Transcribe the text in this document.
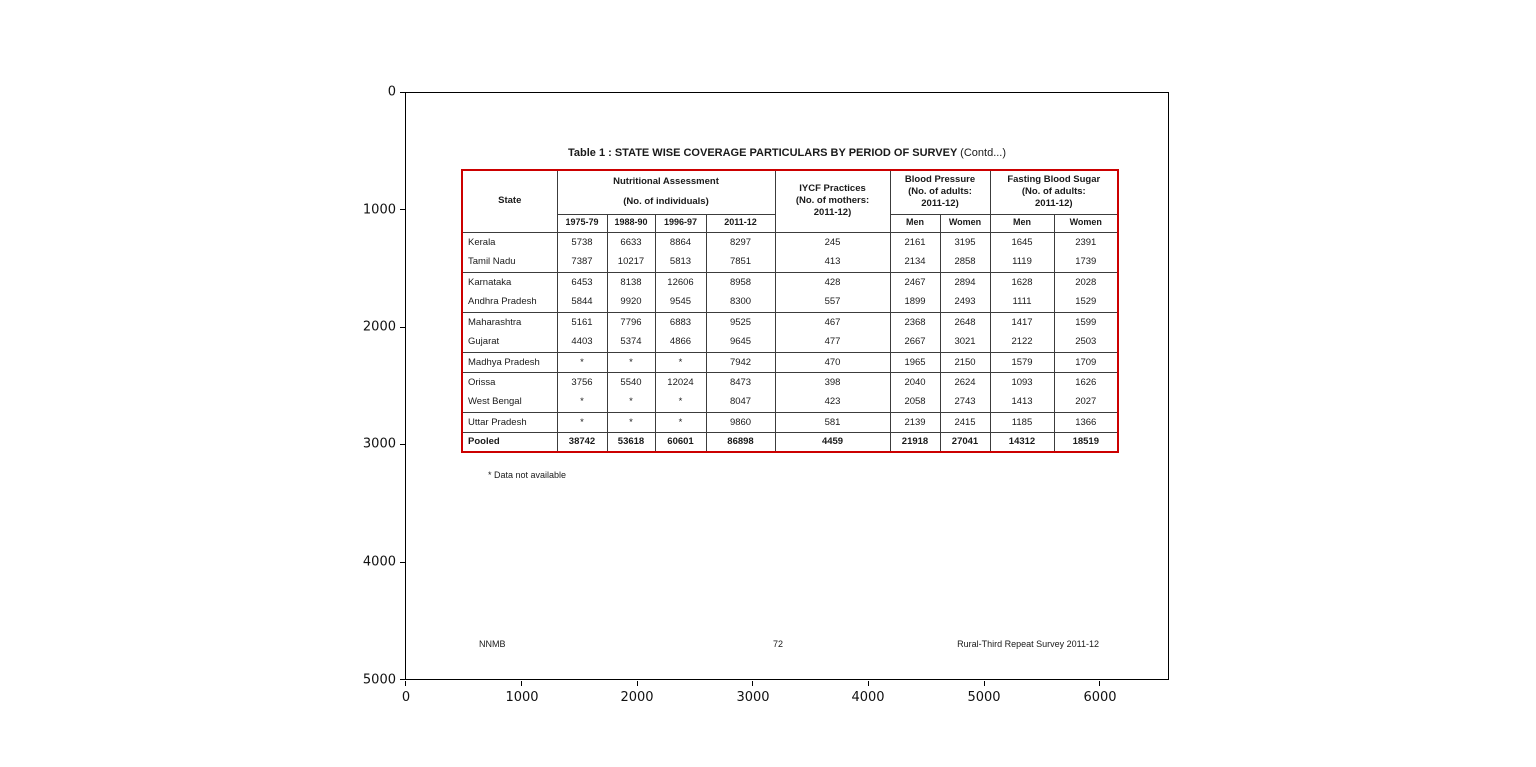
Table 1 : STATE WISE COVERAGE PARTICULARS BY PERIOD OF SURVEY (Contd...)
State	
Nutritional Assessment
(No. of individuals)

IYCF Practices
(No. of mothers:
2011-12)

Blood Pressure
(No. of adults:
2011-12)

Fasting Blood Sugar
(No. of adults:
2011-12)

	1975-79	1988-90	1996-97	2011-12		Men	Women	Men	Women
Kerala	5738	6633	8864	8297	245	2161	3195	1645	2391
Tamil Nadu	7387	10217	5813	7851	413	2134	2858	1119	1739
Karnataka	6453	8138	12606	8958	428	2467	2894	1628	2028
Andhra Pradesh	5844	9920	9545	8300	557	1899	2493	1111	1529
Maharashtra	5161	7796	6883	9525	467	2368	2648	1417	1599
Gujarat	4403	5374	4866	9645	477	2667	3021	2122	2503
Madhya Pradesh	*	*	*	7942	470	1965	2150	1579	1709
Orissa	3756	5540	12024	8473	398	2040	2624	1093	1626
West Bengal	*	*	*	8047	423	2058	2743	1413	2027
Uttar Pradesh	*	*	*	9860	581	2139	2415	1185	1366
Pooled	38742	53618	60601	86898	4459	21918	27041	14312	18519
* Data not available
NNMB	72	Rural-Third Repeat Survey 2011-12
0
1000
2000
3000
4000
5000
0	1000	2000	3000	4000	5000	6000
